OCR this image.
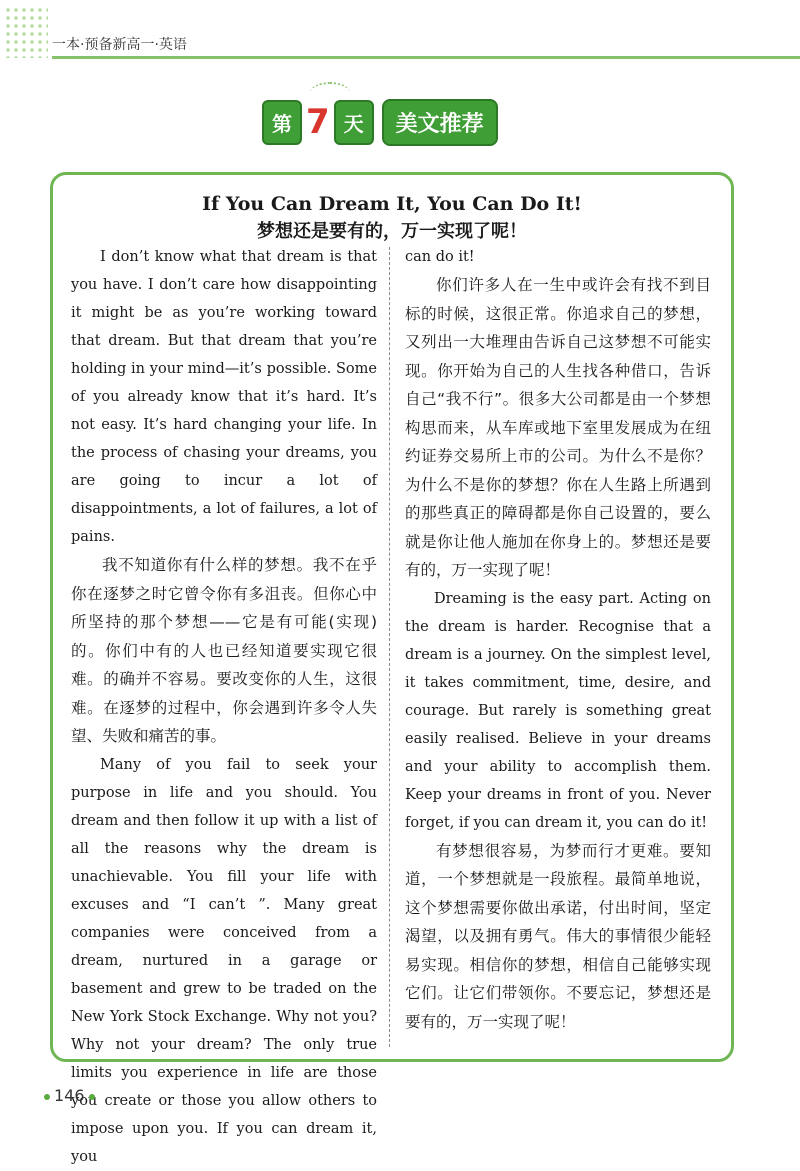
一本·预备新高一·英语
第 7 天	美文推荐
If You Can Dream It, You Can Do It!
梦想还是要有的，万一实现了呢！

I don’t know what that dream is that you have. I don’t care how disappointing it might be as you’re working toward that dream. But that dream that you’re holding in your mind—it’s possible. Some of you already know that it’s hard. It’s not easy. It’s hard changing your life. In the process of chasing your dreams, you are going to incur a lot of disappointments, a lot of failures, a lot of pains.

我不知道你有什么样的梦想。我不在乎你在逐梦之时它曾令你有多沮丧。但你心中所坚持的那个梦想——它是有可能(实现)的。你们中有的人也已经知道要实现它很难。的确并不容易。要改变你的人生，这很难。在逐梦的过程中，你会遇到许多令人失望、失败和痛苦的事。

Many of you fail to seek your purpose in life and you should. You dream and then follow it up with a list of all the reasons why the dream is unachievable. You fill your life with excuses and “I can’t ”. Many great companies were conceived from a dream, nurtured in a garage or basement and grew to be traded on the New York Stock Exchange. Why not you? Why not your dream? The only true limits you experience in life are those you create or those you allow others to impose upon you. If you can dream it, you

can do it!

你们许多人在一生中或许会有找不到目标的时候，这很正常。你追求自己的梦想，又列出一大堆理由告诉自己这梦想不可能实现。你开始为自己的人生找各种借口，告诉自己“我不行”。很多大公司都是由一个梦想构思而来，从车库或地下室里发展成为在纽约证券交易所上市的公司。为什么不是你？为什么不是你的梦想？你在人生路上所遇到的那些真正的障碍都是你自己设置的，要么就是你让他人施加在你身上的。梦想还是要有的，万一实现了呢！

Dreaming is the easy part. Acting on the dream is harder. Recognise that a dream is a journey. On the simplest level, it takes commitment, time, desire, and courage. But rarely is something great easily realised. Believe in your dreams and your ability to accomplish them. Keep your dreams in front of you. Never forget, if you can dream it, you can do it!

有梦想很容易，为梦而行才更难。要知道，一个梦想就是一段旅程。最简单地说，这个梦想需要你做出承诺，付出时间，坚定渴望，以及拥有勇气。伟大的事情很少能轻易实现。相信你的梦想，相信自己能够实现它们。让它们带领你。不要忘记，梦想还是要有的，万一实现了呢！

146
